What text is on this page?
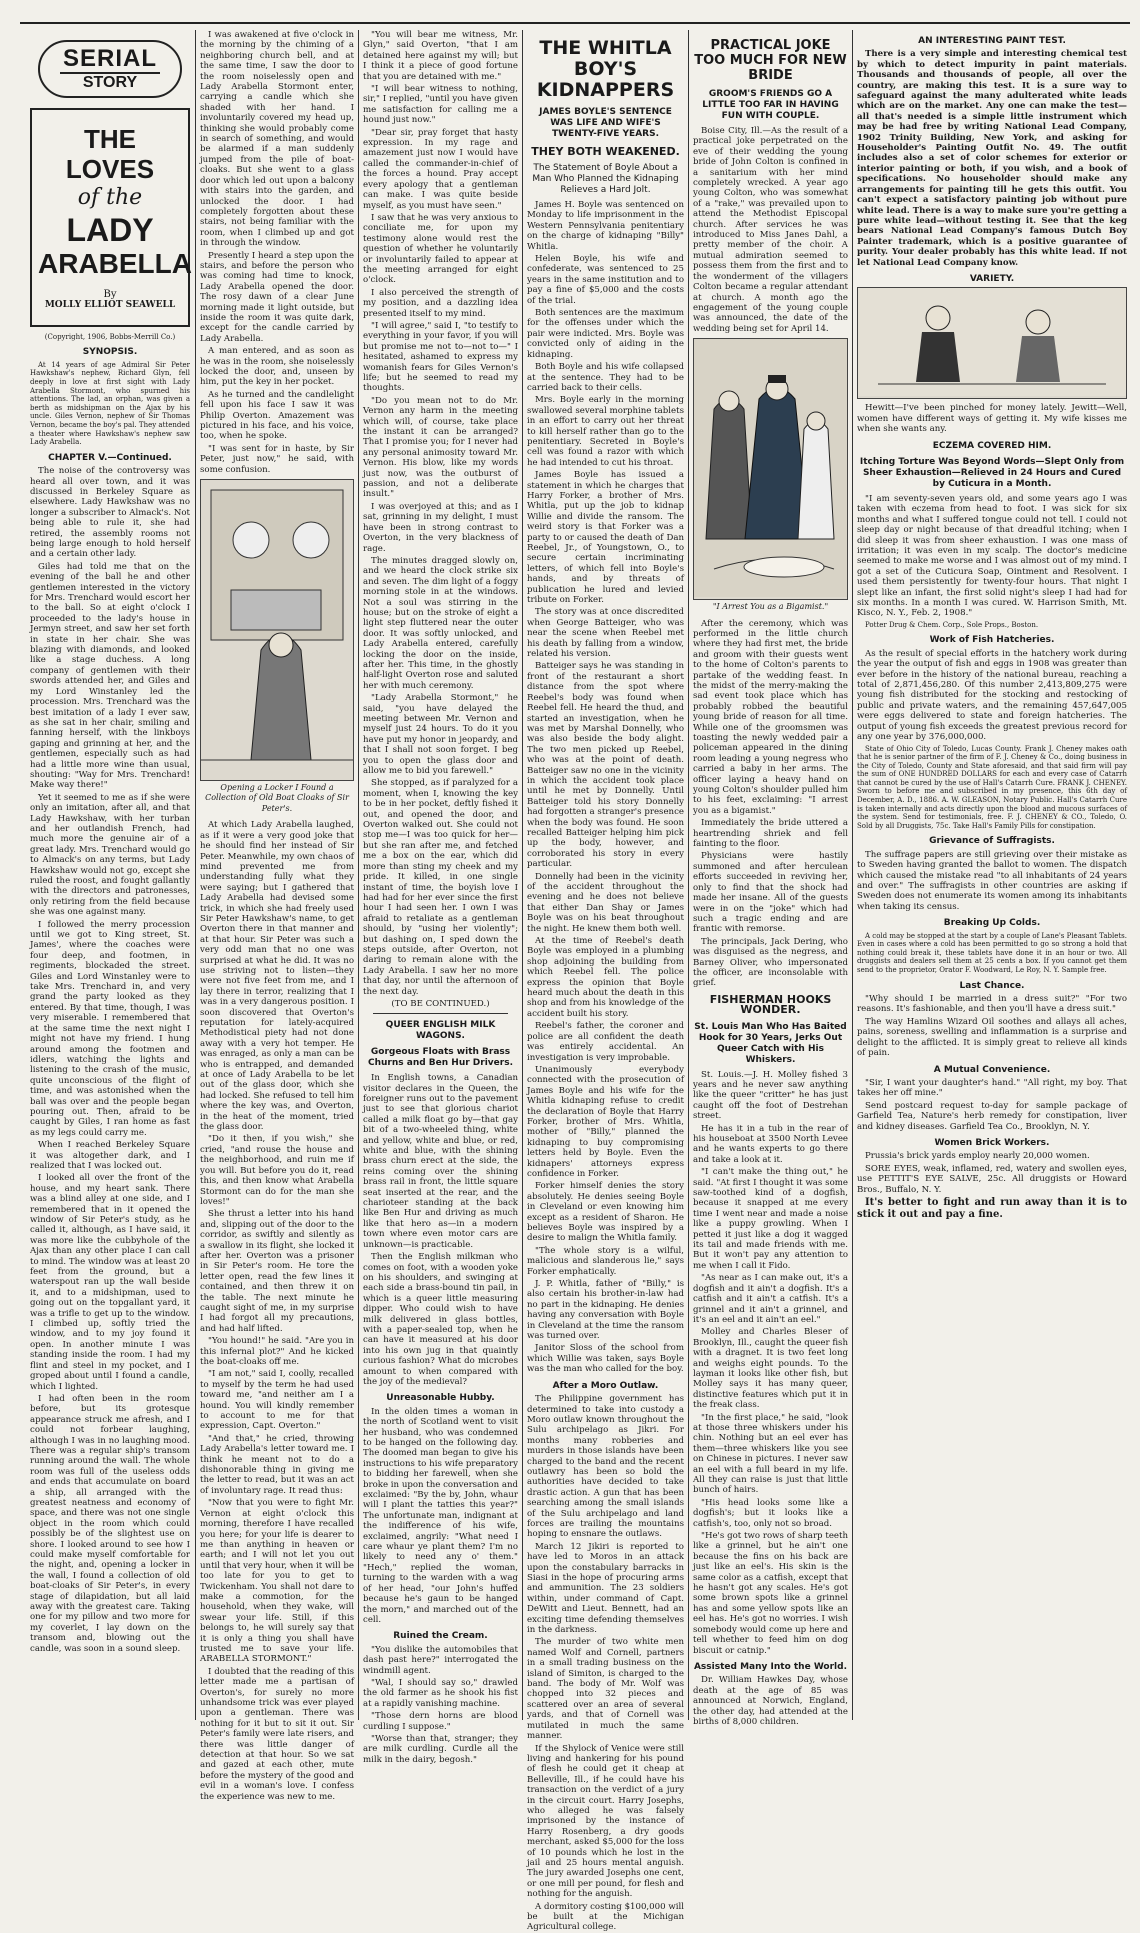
SERIAL
STORY
THE LOVES
of the
LADY
ARABELLA
By
MOLLY ELLIOT SEAWELL
(Copyright, 1906, Bobbs-Merrill Co.)
SYNOPSIS.

At 14 years of age Admiral Sir Peter Hawkshaw's nephew, Richard Glyn, fell deeply in love at first sight with Lady Arabella Stormont, who spurned his attentions. The lad, an orphan, was given a berth as midshipman on the Ajax by his uncle. Giles Vernon, nephew of Sir Thomas Vernon, became the boy's pal. They attended a theater where Hawkshaw's nephew saw Lady Arabella.

CHAPTER V.—Continued.

The noise of the controversy was heard all over town, and it was discussed in Berkeley Square as elsewhere. Lady Hawkshaw was no longer a subscriber to Almack's. Not being able to rule it, she had retired, the assembly rooms not being large enough to hold herself and a certain other lady.

Giles had told me that on the evening of the ball he and other gentlemen interested in the victory for Mrs. Trenchard would escort her to the ball. So at eight o'clock I proceeded to the lady's house in Jermyn street, and saw her set forth in state in her chair. She was blazing with diamonds, and looked like a stage duchess. A long company of gentlemen with their swords attended her, and Giles and my Lord Winstanley led the procession. Mrs. Trenchard was the best imitation of a lady I ever saw, as she sat in her chair, smiling and fanning herself, with the linkboys gaping and grinning at her, and the gentlemen, especially such as had had a little more wine than usual, shouting: "Way for Mrs. Trenchard! Make way there!"

Yet it seemed to me as if she were only an imitation, after all, and that Lady Hawkshaw, with her turban and her outlandish French, had much more the genuine air of a great lady. Mrs. Trenchard would go to Almack's on any terms, but Lady Hawkshaw would not go, except she ruled the roost, and fought gallantly with the directors and patronesses, only retiring from the field because she was one against many.

I followed the merry procession until we got to King street, St. James', where the coaches were four deep, and footmen, in regiments, blockaded the street. Giles and Lord Winstanley were to take Mrs. Trenchard in, and very grand the party looked as they entered. By that time, though, I was very miserable. I remembered that at the same time the next night I might not have my friend. I hung around among the footmen and idlers, watching the lights and listening to the crash of the music, quite unconscious of the flight of time, and was astonished when the ball was over and the people began pouring out. Then, afraid to be caught by Giles, I ran home as fast as my legs could carry me.

When I reached Berkeley Square it was altogether dark, and I realized that I was locked out.

I looked all over the front of the house, and my heart sank. There was a blind alley at one side, and I remembered that in it opened the window of Sir Peter's study, as he called it, although, as I have said, it was more like the cubbyhole of the Ajax than any other place I can call to mind. The window was at least 20 feet from the ground, but a waterspout ran up the wall beside it, and to a midshipman, used to going out on the topgallant yard, it was a trifle to get up to the window. I climbed up, softly tried the window, and to my joy found it open. In another minute I was standing inside the room. I had my flint and steel in my pocket, and I groped about until I found a candle, which I lighted.

I had often been in the room before, but its grotesque appearance struck me afresh, and I could not forbear laughing, although I was in no laughing mood. There was a regular ship's transom running around the wall. The whole room was full of the useless odds and ends that accumulate on board a ship, all arranged with the greatest neatness and economy of space, and there was not one single object in the room which could possibly be of the slightest use on shore. I looked around to see how I could make myself comfortable for the night, and, opening a locker in the wall, I found a collection of old boat-cloaks of Sir Peter's, in every stage of dilapidation, but all laid away with the greatest care. Taking one for my pillow and two more for my coverlet, I lay down on the transom and, blowing out the candle, was soon in a sound sleep.

I was awakened at five o'clock in the morning by the chiming of a neighboring church bell, and at the same time, I saw the door to the room noiselessly open and Lady Arabella Stormont enter, carrying a candle which she shaded with her hand. I involuntarily covered my head up, thinking she would probably come in search of something, and would be alarmed if a man suddenly jumped from the pile of boat-cloaks. But she went to a glass door which led out upon a balcony with stairs into the garden, and unlocked the door. I had completely forgotten about these stairs, not being familiar with the room, when I climbed up and got in through the window.

Presently I heard a step upon the stairs, and before the person who was coming had time to knock, Lady Arabella opened the door. The rosy dawn of a clear June morning made it light outside, but inside the room it was quite dark, except for the candle carried by Lady Arabella.

A man entered, and as soon as he was in the room, she noiselessly locked the door, and, unseen by him, put the key in her pocket.

As he turned and the candlelight fell upon his face I saw it was Philip Overton. Amazement was pictured in his face, and his voice, too, when he spoke.

"I was sent for in haste, by Sir Peter, just now," he said, with some confusion.

Opening a Locker I Found a Collection of Old Boat Cloaks of Sir Peter's.

At which Lady Arabella laughed, as if it were a very good joke that he should find her instead of Sir Peter. Meanwhile, my own chaos of mind prevented me from understanding fully what they were saying; but I gathered that Lady Arabella had devised some trick, in which she had freely used Sir Peter Hawkshaw's name, to get Overton there in that manner and at that hour. Sir Peter was such a very odd man that no one was surprised at what he did. It was no use striving not to listen—they were not five feet from me, and I lay there in terror, realizing that I was in a very dangerous position. I soon discovered that Overton's reputation for lately-acquired Methodistical piety had not done away with a very hot temper. He was enraged, as only a man can be who is entrapped, and demanded at once of Lady Arabella to be let out of the glass door, which she had locked. She refused to tell him where the key was, and Overton, in the heat of the moment, tried the glass door.

"Do it then, if you wish," she cried, "and rouse the house and the neighborhood, and ruin me if you will. But before you do it, read this, and then know what Arabella Stormont can do for the man she loves!"

She thrust a letter into his hand and, slipping out of the door to the corridor, as swiftly and silently as a swallow in its flight, she locked it after her. Overton was a prisoner in Sir Peter's room. He tore the letter open, read the few lines it contained, and then threw it on the table. The next minute he caught sight of me, in my surprise I had forgot all my precautions, and had half lifted.

"You hound!" he said. "Are you in this infernal plot?" And he kicked the boat-cloaks off me.

"I am not," said I, coolly, recalled to myself by the term he had used toward me, "and neither am I a hound. You will kindly remember to account to me for that expression, Capt. Overton."

"And that," he cried, throwing Lady Arabella's letter toward me. I think he meant not to do a dishonorable thing in giving me the letter to read, but it was an act of involuntary rage. It read thus:

"Now that you were to fight Mr. Vernon at eight o'clock this morning, therefore I have recalled you here; for your life is dearer to me than anything in heaven or earth; and I will not let you out until that very hour, when it will be too late for you to get to Twickenham. You shall not dare to make a commotion, for the household, when they wake, will swear your life. Still, if this belongs to, he will surely say that it is only a thing you shall have trusted me to save your life. ARABELLA STORMONT."

I doubted that the reading of this letter made me a partisan of Overton's, for surely no more unhandsome trick was ever played upon a gentleman. There was nothing for it but to sit it out. Sir Peter's family were late risers, and there was little danger of detection at that hour. So we sat and gazed at each other, mute before the mystery of the good and evil in a woman's love. I confess the experience was new to me.

"You will bear me witness, Mr. Glyn," said Overton, "that I am detained here against my will; but I think it a piece of good fortune that you are detained with me."

"I will bear witness to nothing, sir," I replied, "until you have given me satisfaction for calling me a hound just now."

"Dear sir, pray forget that hasty expression. In my rage and amazement just now I would have called the commander-in-chief of the forces a hound. Pray accept every apology that a gentleman can make. I was quite beside myself, as you must have seen."

I saw that he was very anxious to conciliate me, for upon my testimony alone would rest the question of whether he voluntarily or involuntarily failed to appear at the meeting arranged for eight o'clock.

I also perceived the strength of my position, and a dazzling idea presented itself to my mind.

"I will agree," said I, "to testify to everything in your favor, if you will but promise me not to—not to—" I hesitated, ashamed to express my womanish fears for Giles Vernon's life; but he seemed to read my thoughts.

"Do you mean not to do Mr. Vernon any harm in the meeting which will, of course, take place the instant it can be arranged? That I promise you; for I never had any personal animosity toward Mr. Vernon. His blow, like my words just now, was the outburst of passion, and not a deliberate insult."

I was overjoyed at this; and as I sat, grinning in my delight, I must have been in strong contrast to Overton, in the very blackness of rage.

The minutes dragged slowly on, and we heard the clock strike six and seven. The dim light of a foggy morning stole in at the windows. Not a soul was stirring in the house; but on the stroke of eight a light step fluttered near the outer door. It was softly unlocked, and Lady Arabella entered, carefully locking the door on the inside, after her. This time, in the ghostly half-light Overton rose and saluted her with much ceremony.

"Lady Arabella Stormont," he said, "you have delayed the meeting between Mr. Vernon and myself just 24 hours. To do it you have put my honor in jeopardy, and that I shall not soon forget. I beg you to open the glass door and allow me to bid you farewell."

She stopped, as if paralyzed for a moment, when I, knowing the key to be in her pocket, deftly fished it out, and opened the door, and Overton walked out. She could not stop me—I was too quick for her—but she ran after me, and fetched me a box on the ear, which did more than sting my cheek and my pride. It killed, in one single instant of time, the boyish love I had had for her ever since the first hour I had seen her. I own I was afraid to retaliate as a gentleman should, by "using her violently"; but dashing on, I sped down the steps outside, after Overton, not daring to remain alone with the Lady Arabella. I saw her no more that day, nor until the afternoon of the next day.

(TO BE CONTINUED.)
QUEER ENGLISH MILK WAGONS.
Gorgeous Floats with Brass Churns and Ben Hur Drivers.

In English towns, a Canadian visitor declares in the Queen, the foreigner runs out to the pavement just to see that glorious chariot called a milk float go by—that gay bit of a two-wheeled thing, white and yellow, white and blue, or red, white and blue, with the shining brass churn erect at the side, the reins coming over the shining brass rail in front, the little square seat inserted at the rear, and the charioteer standing at the back like Ben Hur and driving as much like that hero as—in a modern town where even motor cars are unknown—is practicable.

Then the English milkman who comes on foot, with a wooden yoke on his shoulders, and swinging at each side a brass-bound tin pail, in which is a queer little measuring dipper. Who could wish to have milk delivered in glass bottles, with a paper-sealed top, when he can have it measured at his door into his own jug in that quaintly curious fashion? What do microbes amount to when compared with the joy of the medieval?

Unreasonable Hubby.

In the olden times a woman in the north of Scotland went to visit her husband, who was condemned to be hanged on the following day. The doomed man began to give his instructions to his wife preparatory to bidding her farewell, when she broke in upon the conversation and exclaimed: "By the by, John, whaur will I plant the tatties this year?" The unfortunate man, indignant at the indifference of his wife, exclaimed, angrily: "What need I care whaur ye plant them? I'm no likely to need any o' them." "Hech," replied the woman, turning to the warden with a wag of her head, "our John's huffed because he's gaun to be hanged the morn," and marched out of the cell.

Ruined the Cream.

"You dislike the automobiles that dash past here?" interrogated the windmill agent.

"Wal, I should say so," drawled the old farmer as he shook his fist at a rapidly vanishing machine.

"Those dern horns are blood curdling I suppose."

"Worse than that, stranger; they are milk curdling. Curdle all the milk in the dairy, begosh."

THE WHITLA BOY'S KIDNAPPERS
JAMES BOYLE'S SENTENCE WAS LIFE AND WIFE'S TWENTY-FIVE YEARS.
THEY BOTH WEAKENED.
The Statement of Boyle About a Man Who Planned the Kidnaping Relieves a Hard Jolt.

James H. Boyle was sentenced on Monday to life imprisonment in the Western Pennsylvania penitentiary on the charge of kidnaping "Billy" Whitla.

Helen Boyle, his wife and confederate, was sentenced to 25 years in the same institution and to pay a fine of $5,000 and the costs of the trial.

Both sentences are the maximum for the offenses under which the pair were indicted. Mrs. Boyle was convicted only of aiding in the kidnaping.

Both Boyle and his wife collapsed at the sentence. They had to be carried back to their cells.

Mrs. Boyle early in the morning swallowed several morphine tablets in an effort to carry out her threat to kill herself rather than go to the penitentiary. Secreted in Boyle's cell was found a razor with which he had intended to cut his throat.

James Boyle has issued a statement in which he charges that Harry Forker, a brother of Mrs. Whitla, put up the job to kidnap Willie and divide the ransom. The weird story is that Forker was a party to or caused the death of Dan Reebel, Jr., of Youngstown, O., to secure certain incriminating letters, of which fell into Boyle's hands, and by threats of publication he lured and levied tribute on Forker.

The story was at once discredited when George Batteiger, who was near the scene when Reebel met his death by falling from a window, related his version.

Batteiger says he was standing in front of the restaurant a short distance from the spot where Reebel's body was found when Reebel fell. He heard the thud, and started an investigation, when he was met by Marshal Donnelly, who was also beside the body alight. The two men picked up Reebel, who was at the point of death. Batteiger saw no one in the vicinity in which the accident took place until he met by Donnelly. Until Batteiger told his story Donnelly had forgotten a stranger's presence when the body was found. He soon recalled Batteiger helping him pick up the body, however, and corroborated his story in every particular.

Donnelly had been in the vicinity of the accident throughout the evening and he does not believe that either Dan Shay or James Boyle was on his beat throughout the night. He knew them both well.

At the time of Reebel's death Boyle was employed in a plumbing shop adjoining the building from which Reebel fell. The police express the opinion that Boyle heard much about the death in this shop and from his knowledge of the accident built his story.

Reebel's father, the coroner and police are all confident the death was entirely accidental. An investigation is very improbable.

Unanimously everybody connected with the prosecution of James Boyle and his wife for the Whitla kidnaping refuse to credit the declaration of Boyle that Harry Forker, brother of Mrs. Whitla, mother of "Billy," planned the kidnaping to buy compromising letters held by Boyle. Even the kidnapers' attorneys express confidence in Forker.

Forker himself denies the story absolutely. He denies seeing Boyle in Cleveland or even knowing him except as a resident of Sharon. He believes Boyle was inspired by a desire to malign the Whitla family.

"The whole story is a wilful, malicious and slanderous lie," says Forker emphatically.

J. P. Whitla, father of "Billy," is also certain his brother-in-law had no part in the kidnaping. He denies having any conversation with Boyle in Cleveland at the time the ransom was turned over.

Janitor Sloss of the school from which Willie was taken, says Boyle was the man who called for the boy.

After a Moro Outlaw.

The Philippine government has determined to take into custody a Moro outlaw known throughout the Sulu archipelago as Jikri. For months many robberies and murders in those islands have been charged to the band and the recent outlawry has been so bold the authorities have decided to take drastic action. A gun that has been searching among the small islands of the Sulu archipelago and land forces are trailing the mountains hoping to ensnare the outlaws.

March 12 Jikiri is reported to have led to Moros in an attack upon the constabulary barracks in Siasi in the hope of procuring arms and ammunition. The 23 soldiers within, under command of Capt. DeWitt and Lieut. Bennett, had an exciting time defending themselves in the darkness.

The murder of two white men named Wolf and Cornell, partners in a small trading business on the island of Simiton, is charged to the band. The body of Mr. Wolf was chopped into 32 pieces and scattered over an area of several yards, and that of Cornell was mutilated in much the same manner.

If the Shylock of Venice were still living and hankering for his pound of flesh he could get it cheap at Belleville, Ill., if he could have his transaction on the verdict of a jury in the circuit court. Harry Josephs, who alleged he was falsely imprisoned by the instance of Harry Rosenberg, a dry goods merchant, asked $5,000 for the loss of 10 pounds which he lost in the jail and 25 hours mental anguish. The jury awarded Josephs one cent, or one mill per pound, for flesh and nothing for the anguish.

A dormitory costing $100,000 will be built at the Michigan Agricultural college.

PRACTICAL JOKE TOO MUCH FOR NEW BRIDE
GROOM'S FRIENDS GO A LITTLE TOO FAR IN HAVING FUN WITH COUPLE.

Boise City, Ill.—As the result of a practical joke perpetrated on the eve of their wedding the young bride of John Colton is confined in a sanitarium with her mind completely wrecked. A year ago young Colton, who was somewhat of a "rake," was prevailed upon to attend the Methodist Episcopal church. After services he was introduced to Miss Janes Dahl, a pretty member of the choir. A mutual admiration seemed to possess them from the first and to the wonderment of the villagers Colton became a regular attendant at church. A month ago the engagement of the young couple was announced, the date of the wedding being set for April 14.

"I Arrest You as a Bigamist."

After the ceremony, which was performed in the little church where they had first met, the bride and groom with their guests went to the home of Colton's parents to partake of the wedding feast. In the midst of the merry-making the sad event took place which has probably robbed the beautiful young bride of reason for all time. While one of the groomsmen was toasting the newly wedded pair a policeman appeared in the dining room leading a young negress who carried a baby in her arms. The officer laying a heavy hand on young Colton's shoulder pulled him to his feet, exclaiming: "I arrest you as a bigamist."

Immediately the bride uttered a heartrending shriek and fell fainting to the floor.

Physicians were hastily summoned and after herculean efforts succeeded in reviving her, only to find that the shock had made her insane. All of the guests were in on the "joke" which had such a tragic ending and are frantic with remorse.

The principals, Jack Dering, who was disguised as the negress, and Barney Oliver, who impersonated the officer, are inconsolable with grief.

FISHERMAN HOOKS WONDER.
St. Louis Man Who Has Baited Hook for 30 Years, Jerks Out Queer Catch with His Whiskers.

St. Louis.—J. H. Molley fished 3 years and he never saw anything like the queer "critter" he has just caught off the foot of Destrehan street.

He has it in a tub in the rear of his houseboat at 3500 North Levee and he wants experts to go there and take a look at it.

"I can't make the thing out," he said. "At first I thought it was some saw-toothed kind of a dogfish, because it snapped at me every time I went near and made a noise like a puppy growling. When I petted it just like a dog it wagged its tail and made friends with me. But it won't pay any attention to me when I call it Fido.

"As near as I can make out, it's a dogfish and it ain't a dogfish. It's a catfish and it ain't a catfish. It's a grinnel and it ain't a grinnel, and it's an eel and it ain't an eel."

Molley and Charles Bleser of Brooklyn, Ill., caught the queer fish with a dragnet. It is two feet long and weighs eight pounds. To the layman it looks like other fish, but Molley says it has many queer, distinctive features which put it in the freak class.

"In the first place," he said, "look at those three whiskers under his chin. Nothing but an eel ever has them—three whiskers like you see on Chinese in pictures. I never saw an eel with a full beard in my life. All they can raise is just that little bunch of hairs.

"His head looks some like a dogfish's; but it looks like a catfish's, too, only not so broad.

"He's got two rows of sharp teeth like a grinnel, but he ain't one because the fins on his back are just like an eel's. His skin is the same color as a catfish, except that he hasn't got any scales. He's got some brown spots like a grinnel has and some yellow spots like an eel has. He's got no worries. I wish somebody would come up here and tell whether to feed him on dog biscuit or catnip."

Assisted Many Into the World.

Dr. William Hawkes Day, whose death at the age of 85 was announced at Norwich, England, the other day, had attended at the births of 8,000 children.

AN INTERESTING PAINT TEST.

There is a very simple and interesting chemical test by which to detect impurity in paint materials. Thousands and thousands of people, all over the country, are making this test. It is a sure way to safeguard against the many adulterated white leads which are on the market. Any one can make the test—all that's needed is a simple little instrument which may be had free by writing National Lead Company, 1902 Trinity Building, New York, and asking for Householder's Painting Outfit No. 49. The outfit includes also a set of color schemes for exterior or interior painting or both, if you wish, and a book of specifications. No householder should make any arrangements for painting till he gets this outfit. You can't expect a satisfactory painting job without pure white lead. There is a way to make sure you're getting a pure white lead—without testing it. See that the keg bears National Lead Company's famous Dutch Boy Painter trademark, which is a positive guarantee of purity. Your dealer probably has this white lead. If not let National Lead Company know.

VARIETY.

Hewitt—I've been pinched for money lately. Jewitt—Well, women have different ways of getting it. My wife kisses me when she wants any.

ECZEMA COVERED HIM.
Itching Torture Was Beyond Words—Slept Only from Sheer Exhaustion—Relieved in 24 Hours and Cured by Cuticura in a Month.

"I am seventy-seven years old, and some years ago I was taken with eczema from head to foot. I was sick for six months and what I suffered tongue could not tell. I could not sleep day or night because of that dreadful itching; when I did sleep it was from sheer exhaustion. I was one mass of irritation; it was even in my scalp. The doctor's medicine seemed to make me worse and I was almost out of my mind. I got a set of the Cuticura Soap, Ointment and Resolvent. I used them persistently for twenty-four hours. That night I slept like an infant, the first solid night's sleep I had had for six months. In a month I was cured. W. Harrison Smith, Mt. Kisco, N. Y., Feb. 2, 1908."

Potter Drug & Chem. Corp., Sole Props., Boston.

Work of Fish Hatcheries.

As the result of special efforts in the hatchery work during the year the output of fish and eggs in 1908 was greater than ever before in the history of the national bureau, reaching a total of 2,871,456,280. Of this number 2,413,809,275 were young fish distributed for the stocking and restocking of public and private waters, and the remaining 457,647,005 were eggs delivered to state and foreign hatcheries. The output of young fish exceeds the greatest previous record for any one year by 376,000,000.

State of Ohio City of Toledo, Lucas County. Frank J. Cheney makes oath that he is senior partner of the firm of F. J. Cheney & Co., doing business in the City of Toledo, County and State aforesaid, and that said firm will pay the sum of ONE HUNDRED DOLLARS for each and every case of Catarrh that cannot be cured by the use of Hall's Catarrh Cure. FRANK J. CHENEY. Sworn to before me and subscribed in my presence, this 6th day of December, A. D., 1886. A. W. GLEASON, Notary Public. Hall's Catarrh Cure is taken internally and acts directly upon the blood and mucous surfaces of the system. Send for testimonials, free. F. J. CHENEY & CO., Toledo, O. Sold by all Druggists, 75c. Take Hall's Family Pills for constipation.

Grievance of Suffragists.

The suffrage papers are still grieving over their mistake as to Sweden having granted the ballot to women. The dispatch which caused the mistake read "to all inhabitants of 24 years and over." The suffragists in other countries are asking if Sweden does not enumerate its women among its inhabitants when taking its census.

Breaking Up Colds.

A cold may be stopped at the start by a couple of Lane's Pleasant Tablets. Even in cases where a cold has been permitted to go so strong a hold that nothing could break it, these tablets have done it in an hour or two. All druggists and dealers sell them at 25 cents a box. If you cannot get them send to the proprietor, Orator F. Woodward, Le Roy, N. Y. Sample free.

Last Chance.

"Why should I be married in a dress suit?" "For two reasons. It's fashionable, and then you'll have a dress suit."

The way Hamlins Wizard Oil soothes and allays all aches, pains, soreness, swelling and inflammation is a surprise and delight to the afflicted. It is simply great to relieve all kinds of pain.

A Mutual Convenience.

"Sir, I want your daughter's hand." "All right, my boy. That takes her off mine."

Send postcard request to-day for sample package of Garfield Tea, Nature's herb remedy for constipation, liver and kidney diseases. Garfield Tea Co., Brooklyn, N. Y.

Women Brick Workers.

Prussia's brick yards employ nearly 20,000 women.

SORE EYES, weak, inflamed, red, watery and swollen eyes, use PETTIT'S EYE SALVE, 25c. All druggists or Howard Bros., Buffalo, N. Y.

It's better to fight and run away than it is to stick it out and pay a fine.
